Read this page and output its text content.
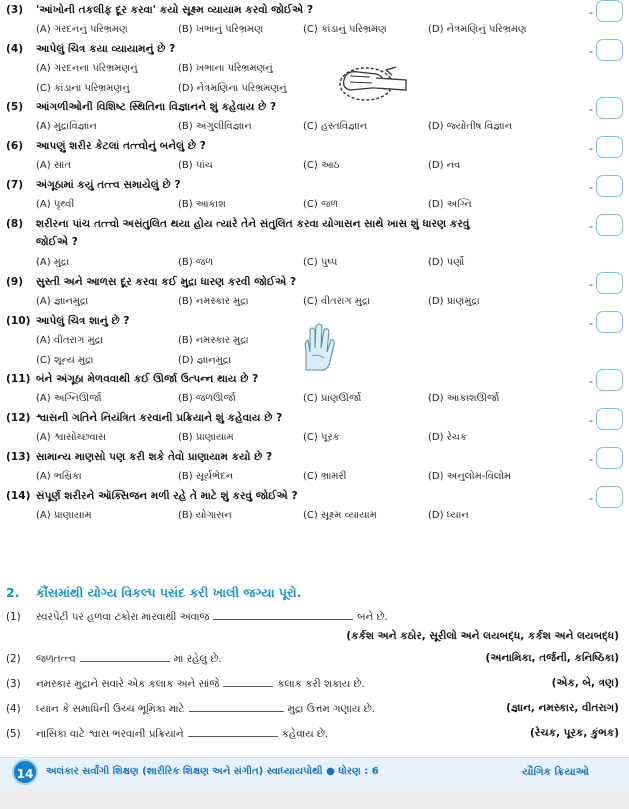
(3) 'આંખોની તકલીફ દૂર કરવા' કયો સૂક્ષ્મ વ્યાયામ કરવો જોઈએ ?
(A) ગરદનનું પરિભ્રમણ	(B) ખભાનું પરિભ્રમણ	(C) કાંડાનું પરિભ્રમણ	(D) નેત્રમણિનું પરિભ્રમણ
-
(4) આપેલું ચિત્ર કયા વ્યાયામનું છે ?
(A) ગરદનના પરિભ્રમણનું	(B) ખભાના પરિભ્રમણનું
(C) કાંડાના પરિભ્રમણનું	(D) નેત્રમણિના પરિભ્રમણનું
-
(5) આંગળીઓની વિશિષ્ટ સ્થિતિના વિજ્ઞાનને શું કહેવાય છે ?
(A) મુદ્રાવિજ્ઞાન	(B) અંગુલીવિજ્ઞાન	(C) હસ્તવિજ્ઞાન	(D) જ્યોતીષ વિજ્ઞાન
-
(6) આપણું શરીર કેટલાં તત્ત્વોનું બનેલું છે ?
(A) સાત	(B) પાંચ	(C) આઠ	(D) નવ
-
(7) અંગૂઠામાં કયું તત્ત્વ સમાયેલું છે ?
(A) પૃથ્વી	(B) આકાશ	(C) જળ	(D) અગ્નિ
-
(8) શરીરના પાંચ તત્ત્વો અસંતુલિત થયા હોય ત્યારે તેને સંતુલિત કરવા યોગાસન સાથે ખાસ શું ધારણ કરવું
જોઈએ ?
(A) મુદ્રા	(B) જળ	(C) પુષ્પ	(D) પર્ણો
-
(9) સુસ્તી અને આળસ દૂર કરવા કઈ મુદ્રા ધારણ કરવી જોઈએ ?
(A) જ્ઞાનમુદ્રા	(B) નમસ્કાર મુદ્રા	(C) વીતરાગ મુદ્રા	(D) પ્રાણમુદ્રા
-
(10) આપેલું ચિત્ર શાનું છે ?
(A) વીતરાગ મુદ્રા	(B) નમસ્કાર મુદ્રા
(C) શૂન્ય મુદ્રા	(D) જ્ઞાનમુદ્રા
-
(11) બંને અંગૂઠા મેળવવાથી કઈ ઊર્જા ઉત્પન્ન થાય છે ?
(A) અગ્નિઊર્જા	(B) જળઊર્જા	(C) પ્રાણઊર્જા	(D) આકાશઊર્જા
-
(12) શ્વાસની ગતિને નિયંત્રિત કરવાની પ્રક્રિયાને શું કહેવાય છે ?
(A) શ્વાસોચ્છ્વાસ	(B) પ્રાણાયામ	(C) પૂરક	(D) રેચક
-
(13) સામાન્ય માણસો પણ કરી શકે તેવો પ્રાણાયામ કયો છે ?
(A) ભસ્રિકા	(B) સૂર્યભેદન	(C) ભ્રામરી	(D) અનુલોમ-વિલોમ
-
(14) સંપૂર્ણ શરીરને ઑક્સિજન મળી રહે તે માટે શું કરવું જોઈએ ?
(A) પ્રાણાયામ	(B) યોગાસન	(C) સૂક્ષ્મ વ્યાયામ	(D) ધ્યાન
-
2. કૌંસમાંથી યોગ્ય વિકલ્પ પસંદ કરી ખાલી જગ્યા પૂરો.
(1) સ્વરપેટી પર હળવા ટકોરા મારવાથી અવાજ	બને છે.
(કર્કશ અને કઠોર, સૂરીલો અને લયબદ્ધ, કર્કશ અને લયબદ્ધ)
(2) જળતત્ત્વ	માં રહેલું છે.	(અનામિકા, તર્જની, કનિષ્ઠિકા)
(3) નમસ્કાર મુદ્રાને સવારે એક કલાક અને સાંજે	કલાક કરી શકાય છે.	(એક, બે, ત્રણ)
(4) ધ્યાન કે સમાધિની ઉચ્ચ ભૂમિકા માટે	મુદ્રા ઉત્તમ ગણાય છે.	(જ્ઞાન, નમસ્કાર, વીતરાગ)
(5) નાસિકા વાટે શ્વાસ ભરવાની પ્રક્રિયાને	કહેવાય છે.	(રેચક, પૂરક, કુંભક)
14	અલંકાર સર્વાંગી શિક્ષણ (શારીરિક શિક્ષણ અને સંગીત) સ્વાધ્યાયપોથી ● ધોરણ : 6	યૌગિક ક્રિયાઓ
